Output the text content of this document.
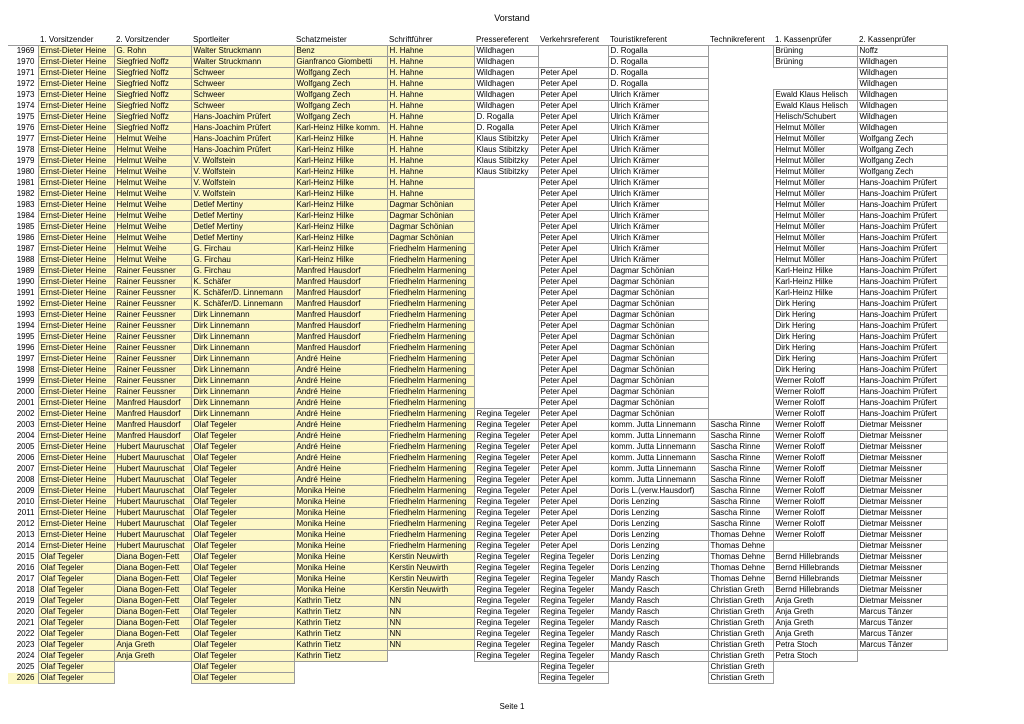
Vorstand
	1. Vorsitzender	2. Vorsitzender	Sportleiter	Schatzmeister	Schriftführer	Pressereferent	Verkehrsreferent	Touristikreferent	Technikreferent	1. Kassenprüfer	2. Kassenprüfer
1969	Ernst-Dieter Heine	G. Rohn	Walter Struckmann	Benz	H. Hahne	Wildhagen		D. Rogalla		Brüning	Noffz
1970	Ernst-Dieter Heine	Siegfried Noffz	Walter Struckmann	Gianfranco Giombetti	H. Hahne	Wildhagen		D. Rogalla		Brüning	Wildhagen
1971	Ernst-Dieter Heine	Siegfried Noffz	Schweer	Wolfgang Zech	H. Hahne	Wildhagen	Peter Apel	D. Rogalla			Wildhagen
1972	Ernst-Dieter Heine	Siegfried Noffz	Schweer	Wolfgang Zech	H. Hahne	Wildhagen	Peter Apel	D. Rogalla			Wildhagen
1973	Ernst-Dieter Heine	Siegfried Noffz	Schweer	Wolfgang Zech	H. Hahne	Wildhagen	Peter Apel	Ulrich Krämer		Ewald Klaus Helisch	Wildhagen
1974	Ernst-Dieter Heine	Siegfried Noffz	Schweer	Wolfgang Zech	H. Hahne	Wildhagen	Peter Apel	Ulrich Krämer		Ewald Klaus Helisch	Wildhagen
1975	Ernst-Dieter Heine	Siegfried Noffz	Hans-Joachim Prüfert	Wolfgang Zech	H. Hahne	D. Rogalla	Peter Apel	Ulrich Krämer		Helisch/Schubert	Wildhagen
1976	Ernst-Dieter Heine	Siegfried Noffz	Hans-Joachim Prüfert	Karl-Heinz Hilke komm.	H. Hahne	D. Rogalla	Peter Apel	Ulrich Krämer		Helmut Möller	Wildhagen
1977	Ernst-Dieter Heine	Helmut Weihe	Hans-Joachim Prüfert	Karl-Heinz Hilke	H. Hahne	Klaus Stibitzky	Peter Apel	Ulrich Krämer		Helmut Möller	Wolfgang Zech
1978	Ernst-Dieter Heine	Helmut Weihe	Hans-Joachim Prüfert	Karl-Heinz Hilke	H. Hahne	Klaus Stibitzky	Peter Apel	Ulrich Krämer		Helmut Möller	Wolfgang Zech
1979	Ernst-Dieter Heine	Helmut Weihe	V. Wolfstein	Karl-Heinz Hilke	H. Hahne	Klaus Stibitzky	Peter Apel	Ulrich Krämer		Helmut Möller	Wolfgang Zech
1980	Ernst-Dieter Heine	Helmut Weihe	V. Wolfstein	Karl-Heinz Hilke	H. Hahne	Klaus Stibitzky	Peter Apel	Ulrich Krämer		Helmut Möller	Wolfgang Zech
1981	Ernst-Dieter Heine	Helmut Weihe	V. Wolfstein	Karl-Heinz Hilke	H. Hahne		Peter Apel	Ulrich Krämer		Helmut Möller	Hans-Joachim Prüfert
1982	Ernst-Dieter Heine	Helmut Weihe	V. Wolfstein	Karl-Heinz Hilke	H. Hahne		Peter Apel	Ulrich Krämer		Helmut Möller	Hans-Joachim Prüfert
1983	Ernst-Dieter Heine	Helmut Weihe	Detlef Mertiny	Karl-Heinz Hilke	Dagmar Schönian		Peter Apel	Ulrich Krämer		Helmut Möller	Hans-Joachim Prüfert
1984	Ernst-Dieter Heine	Helmut Weihe	Detlef Mertiny	Karl-Heinz Hilke	Dagmar Schönian		Peter Apel	Ulrich Krämer		Helmut Möller	Hans-Joachim Prüfert
1985	Ernst-Dieter Heine	Helmut Weihe	Detlef Mertiny	Karl-Heinz Hilke	Dagmar Schönian		Peter Apel	Ulrich Krämer		Helmut Möller	Hans-Joachim Prüfert
1986	Ernst-Dieter Heine	Helmut Weihe	Detlef Mertiny	Karl-Heinz Hilke	Dagmar Schönian		Peter Apel	Ulrich Krämer		Helmut Möller	Hans-Joachim Prüfert
1987	Ernst-Dieter Heine	Helmut Weihe	G. Firchau	Karl-Heinz Hilke	Friedhelm Harmening		Peter Apel	Ulrich Krämer		Helmut Möller	Hans-Joachim Prüfert
1988	Ernst-Dieter Heine	Helmut Weihe	G. Firchau	Karl-Heinz Hilke	Friedhelm Harmening		Peter Apel	Ulrich Krämer		Helmut Möller	Hans-Joachim Prüfert
1989	Ernst-Dieter Heine	Rainer Feussner	G. Firchau	Manfred Hausdorf	Friedhelm Harmening		Peter Apel	Dagmar Schönian		Karl-Heinz Hilke	Hans-Joachim Prüfert
1990	Ernst-Dieter Heine	Rainer Feussner	K. Schäfer	Manfred Hausdorf	Friedhelm Harmening		Peter Apel	Dagmar Schönian		Karl-Heinz Hilke	Hans-Joachim Prüfert
1991	Ernst-Dieter Heine	Rainer Feussner	K. Schäfer/D. Linnemann	Manfred Hausdorf	Friedhelm Harmening		Peter Apel	Dagmar Schönian		Karl-Heinz Hilke	Hans-Joachim Prüfert
1992	Ernst-Dieter Heine	Rainer Feussner	K. Schäfer/D. Linnemann	Manfred Hausdorf	Friedhelm Harmening		Peter Apel	Dagmar Schönian		Dirk Hering	Hans-Joachim Prüfert
1993	Ernst-Dieter Heine	Rainer Feussner	Dirk Linnemann	Manfred Hausdorf	Friedhelm Harmening		Peter Apel	Dagmar Schönian		Dirk Hering	Hans-Joachim Prüfert
1994	Ernst-Dieter Heine	Rainer Feussner	Dirk Linnemann	Manfred Hausdorf	Friedhelm Harmening		Peter Apel	Dagmar Schönian		Dirk Hering	Hans-Joachim Prüfert
1995	Ernst-Dieter Heine	Rainer Feussner	Dirk Linnemann	Manfred Hausdorf	Friedhelm Harmening		Peter Apel	Dagmar Schönian		Dirk Hering	Hans-Joachim Prüfert
1996	Ernst-Dieter Heine	Rainer Feussner	Dirk Linnemann	Manfred Hausdorf	Friedhelm Harmening		Peter Apel	Dagmar Schönian		Dirk Hering	Hans-Joachim Prüfert
1997	Ernst-Dieter Heine	Rainer Feussner	Dirk Linnemann	André Heine	Friedhelm Harmening		Peter Apel	Dagmar Schönian		Dirk Hering	Hans-Joachim Prüfert
1998	Ernst-Dieter Heine	Rainer Feussner	Dirk Linnemann	André Heine	Friedhelm Harmening		Peter Apel	Dagmar Schönian		Dirk Hering	Hans-Joachim Prüfert
1999	Ernst-Dieter Heine	Rainer Feussner	Dirk Linnemann	André Heine	Friedhelm Harmening		Peter Apel	Dagmar Schönian		Werner Roloff	Hans-Joachim Prüfert
2000	Ernst-Dieter Heine	Rainer Feussner	Dirk Linnemann	André Heine	Friedhelm Harmening		Peter Apel	Dagmar Schönian		Werner Roloff	Hans-Joachim Prüfert
2001	Ernst-Dieter Heine	Manfred Hausdorf	Dirk Linnemann	André Heine	Friedhelm Harmening		Peter Apel	Dagmar Schönian		Werner Roloff	Hans-Joachim Prüfert
2002	Ernst-Dieter Heine	Manfred Hausdorf	Dirk Linnemann	André Heine	Friedhelm Harmening	Regina Tegeler	Peter Apel	Dagmar Schönian		Werner Roloff	Hans-Joachim Prüfert
2003	Ernst-Dieter Heine	Manfred Hausdorf	Olaf Tegeler	André Heine	Friedhelm Harmening	Regina Tegeler	Peter Apel	komm. Jutta Linnemann	Sascha Rinne	Werner Roloff	Dietmar Meissner
2004	Ernst-Dieter Heine	Manfred Hausdorf	Olaf Tegeler	André Heine	Friedhelm Harmening	Regina Tegeler	Peter Apel	komm. Jutta Linnemann	Sascha Rinne	Werner Roloff	Dietmar Meissner
2005	Ernst-Dieter Heine	Hubert Mauruschat	Olaf Tegeler	André Heine	Friedhelm Harmening	Regina Tegeler	Peter Apel	komm. Jutta Linnemann	Sascha Rinne	Werner Roloff	Dietmar Meissner
2006	Ernst-Dieter Heine	Hubert Mauruschat	Olaf Tegeler	André Heine	Friedhelm Harmening	Regina Tegeler	Peter Apel	komm. Jutta Linnemann	Sascha Rinne	Werner Roloff	Dietmar Meissner
2007	Ernst-Dieter Heine	Hubert Mauruschat	Olaf Tegeler	André Heine	Friedhelm Harmening	Regina Tegeler	Peter Apel	komm. Jutta Linnemann	Sascha Rinne	Werner Roloff	Dietmar Meissner
2008	Ernst-Dieter Heine	Hubert Mauruschat	Olaf Tegeler	André Heine	Friedhelm Harmening	Regina Tegeler	Peter Apel	komm. Jutta Linnemann	Sascha Rinne	Werner Roloff	Dietmar Meissner
2009	Ernst-Dieter Heine	Hubert Mauruschat	Olaf Tegeler	Monika Heine	Friedhelm Harmening	Regina Tegeler	Peter Apel	Doris L.(verw.Hausdorf)	Sascha Rinne	Werner Roloff	Dietmar Meissner
2010	Ernst-Dieter Heine	Hubert Mauruschat	Olaf Tegeler	Monika Heine	Friedhelm Harmening	Regina Tegeler	Peter Apel	Doris Lenzing	Sascha Rinne	Werner Roloff	Dietmar Meissner
2011	Ernst-Dieter Heine	Hubert Mauruschat	Olaf Tegeler	Monika Heine	Friedhelm Harmening	Regina Tegeler	Peter Apel	Doris Lenzing	Sascha Rinne	Werner Roloff	Dietmar Meissner
2012	Ernst-Dieter Heine	Hubert Mauruschat	Olaf Tegeler	Monika Heine	Friedhelm Harmening	Regina Tegeler	Peter Apel	Doris Lenzing	Sascha Rinne	Werner Roloff	Dietmar Meissner
2013	Ernst-Dieter Heine	Hubert Mauruschat	Olaf Tegeler	Monika Heine	Friedhelm Harmening	Regina Tegeler	Peter Apel	Doris Lenzing	Thomas Dehne	Werner Roloff	Dietmar Meissner
2014	Ernst-Dieter Heine	Hubert Mauruschat	Olaf Tegeler	Monika Heine	Friedhelm Harmening	Regina Tegeler	Peter Apel	Doris Lenzing	Thomas Dehne		Dietmar Meissner
2015	Olaf Tegeler	Diana Bogen-Fett	Olaf Tegeler	Monika Heine	Kerstin Neuwirth	Regina Tegeler	Regina Tegeler	Doris Lenzing	Thomas Dehne	Bernd Hillebrands	Dietmar Meissner
2016	Olaf Tegeler	Diana Bogen-Fett	Olaf Tegeler	Monika Heine	Kerstin Neuwirth	Regina Tegeler	Regina Tegeler	Doris Lenzing	Thomas Dehne	Bernd Hillebrands	Dietmar Meissner
2017	Olaf Tegeler	Diana Bogen-Fett	Olaf Tegeler	Monika Heine	Kerstin Neuwirth	Regina Tegeler	Regina Tegeler	Mandy Rasch	Thomas Dehne	Bernd Hillebrands	Dietmar Meissner
2018	Olaf Tegeler	Diana Bogen-Fett	Olaf Tegeler	Monika Heine	Kerstin Neuwirth	Regina Tegeler	Regina Tegeler	Mandy Rasch	Christian Greth	Bernd Hillebrands	Dietmar Meissner
2019	Olaf Tegeler	Diana Bogen-Fett	Olaf Tegeler	Kathrin Tietz	NN	Regina Tegeler	Regina Tegeler	Mandy Rasch	Christian Greth	Anja Greth	Dietmar Meissner
2020	Olaf Tegeler	Diana Bogen-Fett	Olaf Tegeler	Kathrin Tietz	NN	Regina Tegeler	Regina Tegeler	Mandy Rasch	Christian Greth	Anja Greth	Marcus Tänzer
2021	Olaf Tegeler	Diana Bogen-Fett	Olaf Tegeler	Kathrin Tietz	NN	Regina Tegeler	Regina Tegeler	Mandy Rasch	Christian Greth	Anja Greth	Marcus Tänzer
2022	Olaf Tegeler	Diana Bogen-Fett	Olaf Tegeler	Kathrin Tietz	NN	Regina Tegeler	Regina Tegeler	Mandy Rasch	Christian Greth	Anja Greth	Marcus Tänzer
2023	Olaf Tegeler	Anja Greth	Olaf Tegeler	Kathrin Tietz	NN	Regina Tegeler	Regina Tegeler	Mandy Rasch	Christian Greth	Petra Stoch	Marcus Tänzer
2024	Olaf Tegeler	Anja Greth	Olaf Tegeler	Kathrin Tietz		Regina Tegeler	Regina Tegeler	Mandy Rasch	Christian Greth	Petra Stoch	
2025	Olaf Tegeler		Olaf Tegeler				Regina Tegeler		Christian Greth		
2026	Olaf Tegeler		Olaf Tegeler				Regina Tegeler		Christian Greth		
Seite 1
